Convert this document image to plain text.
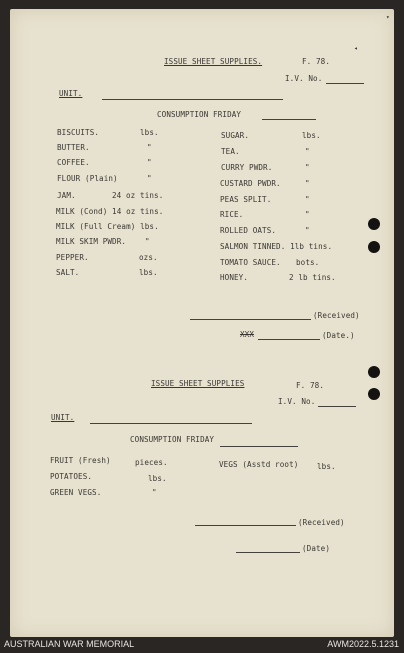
▾
◂
ISSUE SHEET SUPPLIES.	F. 78.
I.V. No.
UNIT.
CONSUMPTION FRIDAY
BISCUITS.	lbs.
BUTTER.	"
COFFEE.	"
FLOUR (Plain)	"
JAM.	24 oz tins.
MILK (Cond) 14 oz tins.
MILK (Full Cream) lbs.
MILK SKIM PWDR. "
PEPPER.	ozs.
SALT.	lbs.
SUGAR.	lbs.
TEA.	"
CURRY PWDR.	"
CUSTARD PWDR.	"
PEAS SPLIT.	"
RICE.	"
ROLLED OATS.	"
SALMON TINNED. 1lb tins.
TOMATO SAUCE. bots.
HONEY.	2 lb tins.
(Received)
XXX	(Date.)
ISSUE SHEET SUPPLIES	F. 78.
I.V. No.
UNIT.
CONSUMPTION FRIDAY
FRUIT (Fresh)	pieces.	VEGS (Asstd root) lbs.
POTATOES.	lbs.
GREEN VEGS.	"
(Received)
(Date)
AUSTRALIAN WAR MEMORIAL	AWM2022.5.1231
